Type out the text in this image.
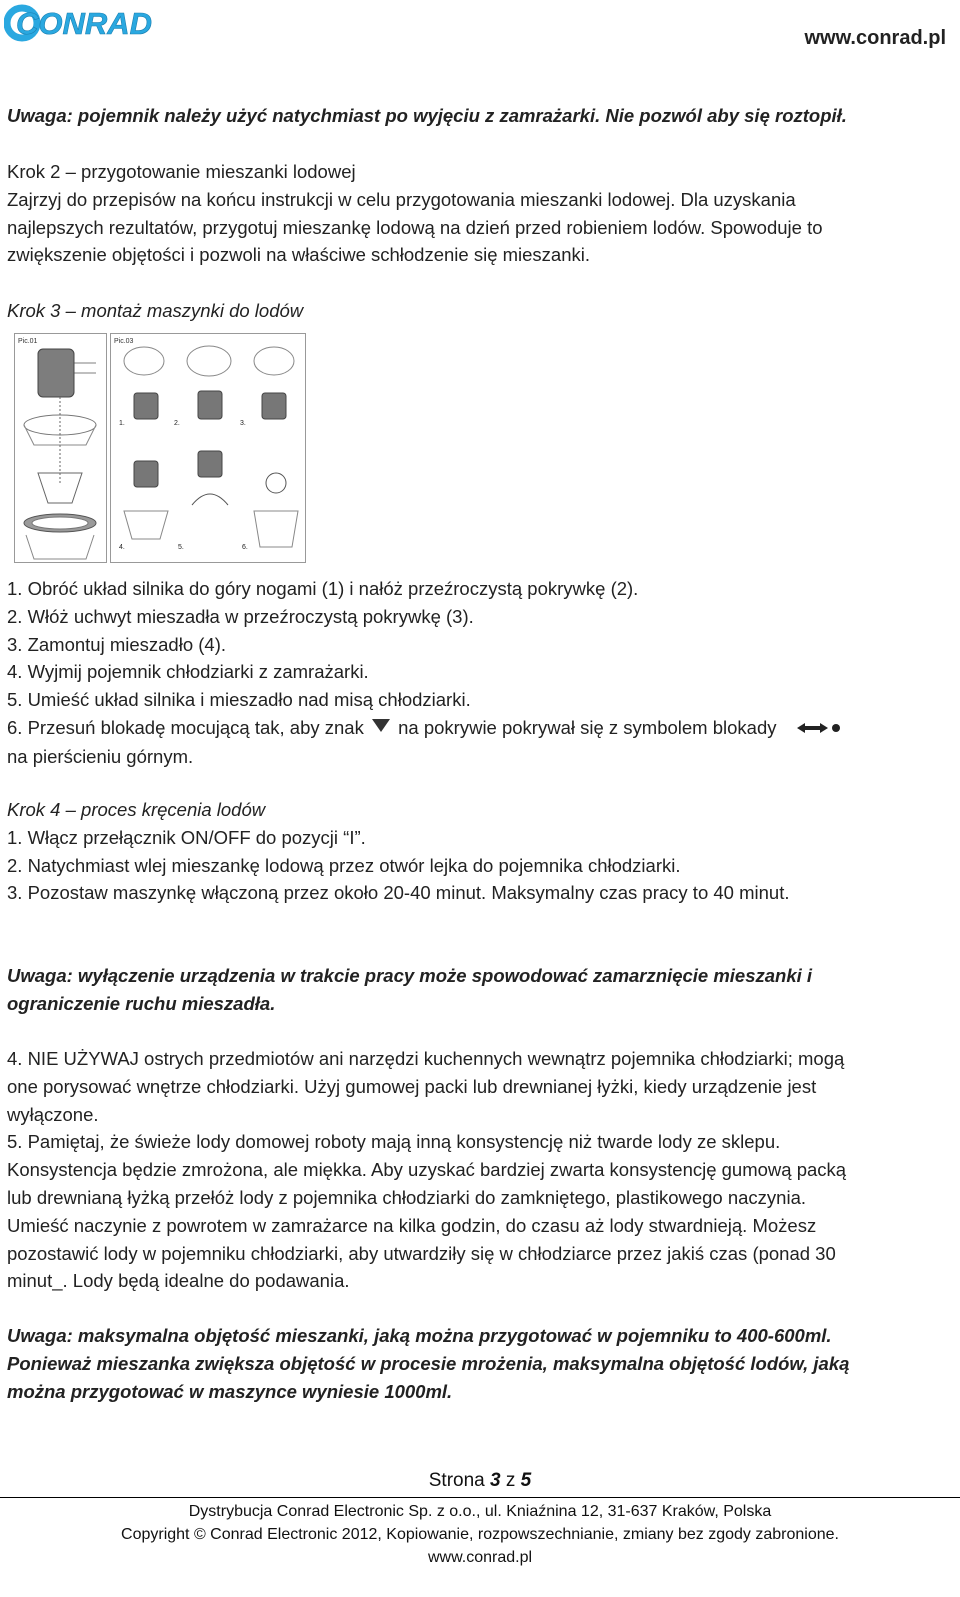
CONRAD	www.conrad.pl
Uwaga: pojemnik należy użyć natychmiast po wyjęciu z zamrażarki. Nie pozwól aby się roztopił.
Krok 2 – przygotowanie mieszanki lodowej
Zajrzyj do przepisów na końcu instrukcji w celu przygotowania mieszanki lodowej. Dla uzyskania
najlepszych rezultatów, przygotuj mieszankę lodową na dzień przed robieniem lodów. Spowoduje to
zwiększenie objętości i pozwoli na właściwe schłodzenie się mieszanki.
Krok 3 – montaż maszynki do lodów
Pic.01	Pic.03
1.	2.	3.
4.	5.	6.
1. Obróć układ silnika do góry nogami (1) i nałóż przeźroczystą pokrywkę (2).
2. Włóż uchwyt mieszadła w przeźroczystą pokrywkę (3).
3. Zamontuj mieszadło (4).
4. Wyjmij pojemnik chłodziarki z zamrażarki.
5. Umieść układ silnika i mieszadło nad misą chłodziarki.
6. Przesuń blokadę mocującą tak, aby znak na pokrywie pokrywał się z symbolem blokady
na pierścieniu górnym.
Krok 4 – proces kręcenia lodów
1. Włącz przełącznik ON/OFF do pozycji “I”.
2. Natychmiast wlej mieszankę lodową przez otwór lejka do pojemnika chłodziarki.
3. Pozostaw maszynkę włączoną przez około 20-40 minut. Maksymalny czas pracy to 40 minut.
Uwaga: wyłączenie urządzenia w trakcie pracy może spowodować zamarznięcie mieszanki i
ograniczenie ruchu mieszadła.
4. NIE UŻYWAJ ostrych przedmiotów ani narzędzi kuchennych wewnątrz pojemnika chłodziarki; mogą
one porysować wnętrze chłodziarki. Użyj gumowej packi lub drewnianej łyżki, kiedy urządzenie jest
wyłączone.
5. Pamiętaj, że świeże lody domowej roboty mają inną konsystencję niż twarde lody ze sklepu.
Konsystencja będzie zmrożona, ale miękka. Aby uzyskać bardziej zwarta konsystencję gumową packą
lub drewnianą łyżką przełóż lody z pojemnika chłodziarki do zamkniętego, plastikowego naczynia.
Umieść naczynie z powrotem w zamrażarce na kilka godzin, do czasu aż lody stwardnieją. Możesz
pozostawić lody w pojemniku chłodziarki, aby utwardziły się w chłodziarce przez jakiś czas (ponad 30
minut_. Lody będą idealne do podawania.
Uwaga: maksymalna objętość mieszanki, jaką można przygotować w pojemniku to 400-600ml.
Ponieważ mieszanka zwiększa objętość w procesie mrożenia, maksymalna objętość lodów, jaką
można przygotować w maszynce wyniesie 1000ml.
Strona 3 z 5
Dystrybucja Conrad Electronic Sp. z o.o., ul. Kniaźnina 12, 31-637 Kraków, Polska
Copyright © Conrad Electronic 2012, Kopiowanie, rozpowszechnianie, zmiany bez zgody zabronione.
www.conrad.pl
